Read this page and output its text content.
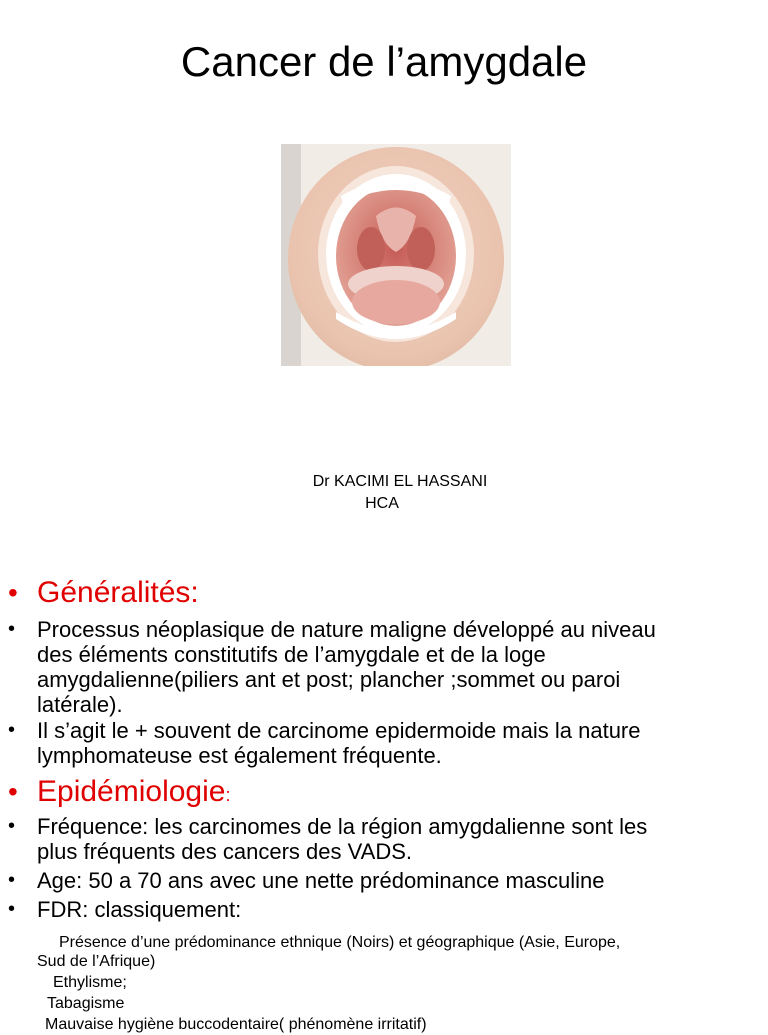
Cancer de l’amygdale
Dr KACIMI EL HASSANI
HCA
• Généralités:
• Processus néoplasique de nature maligne développé au niveau
des éléments constitutifs de l’amygdale et de la loge
amygdalienne(piliers ant et post; plancher ;sommet ou paroi
latérale).
• Il s’agit le + souvent de carcinome epidermoide mais la nature
lymphomateuse est également fréquente.
• Epidémiologie:
• Fréquence: les carcinomes de la région amygdalienne sont les
plus fréquents des cancers des VADS.
• Age: 50 a 70 ans avec une nette prédominance masculine
• FDR: classiquement:
Présence d’une prédominance ethnique (Noirs) et géographique (Asie, Europe,
Sud de l’Afrique)
Ethylisme;
Tabagisme
Mauvaise hygiène buccodentaire( phénomène irritatif)
